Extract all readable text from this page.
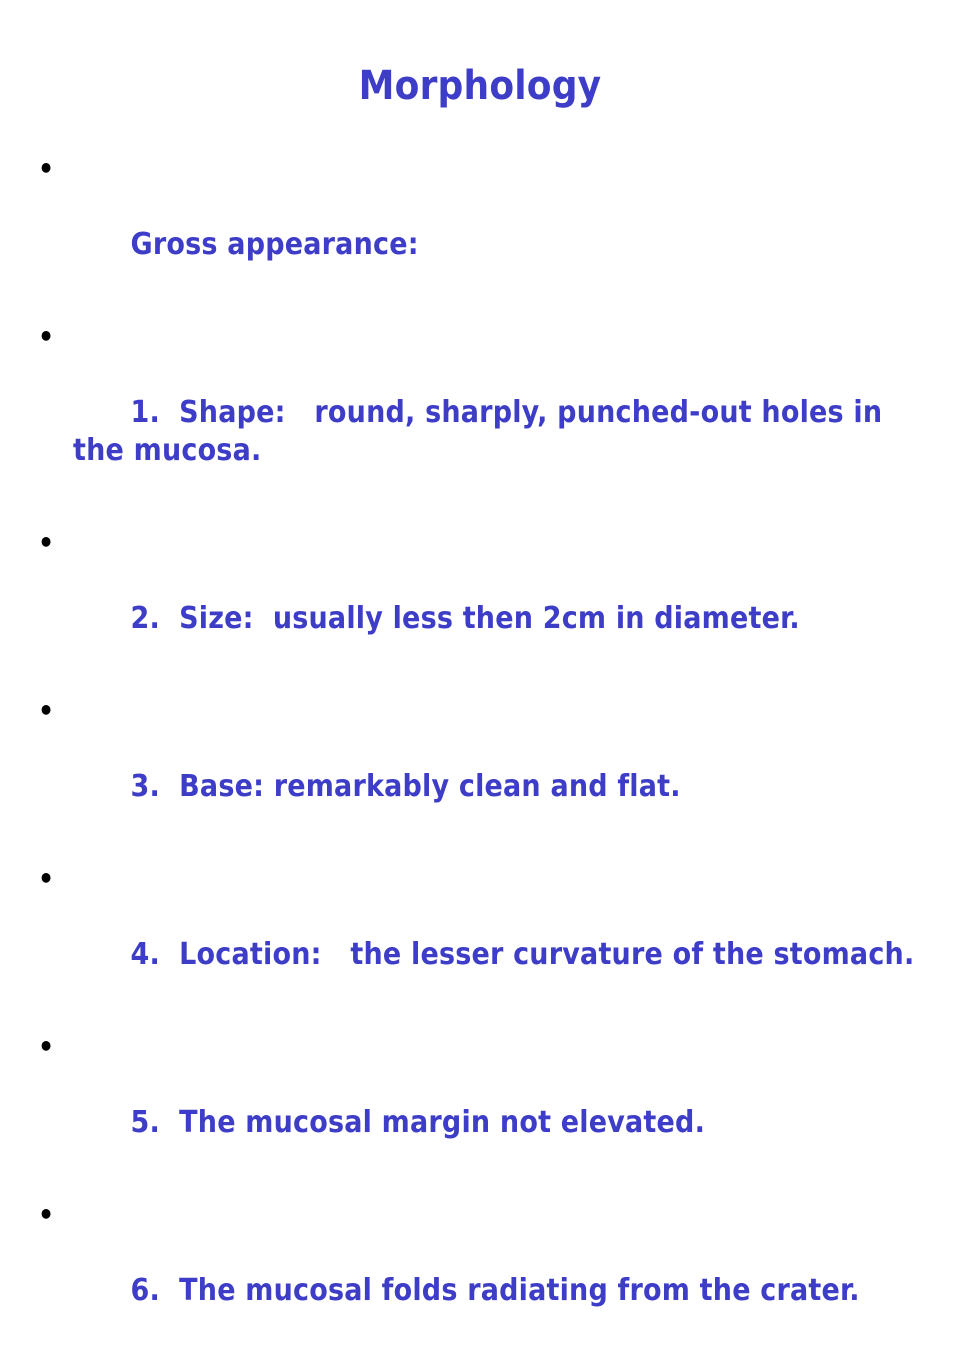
Morphology

•

Gross appearance:

•

1.  Shape:   round, sharply, punched-out holes in the mucosa.

•

2.  Size:  usually less then 2cm in diameter.

•

3.  Base: remarkably clean and flat.

•

4.  Location:   the lesser curvature of the stomach.

•

5.  The mucosal margin not elevated.

•

6.  The mucosal folds radiating from the crater.
